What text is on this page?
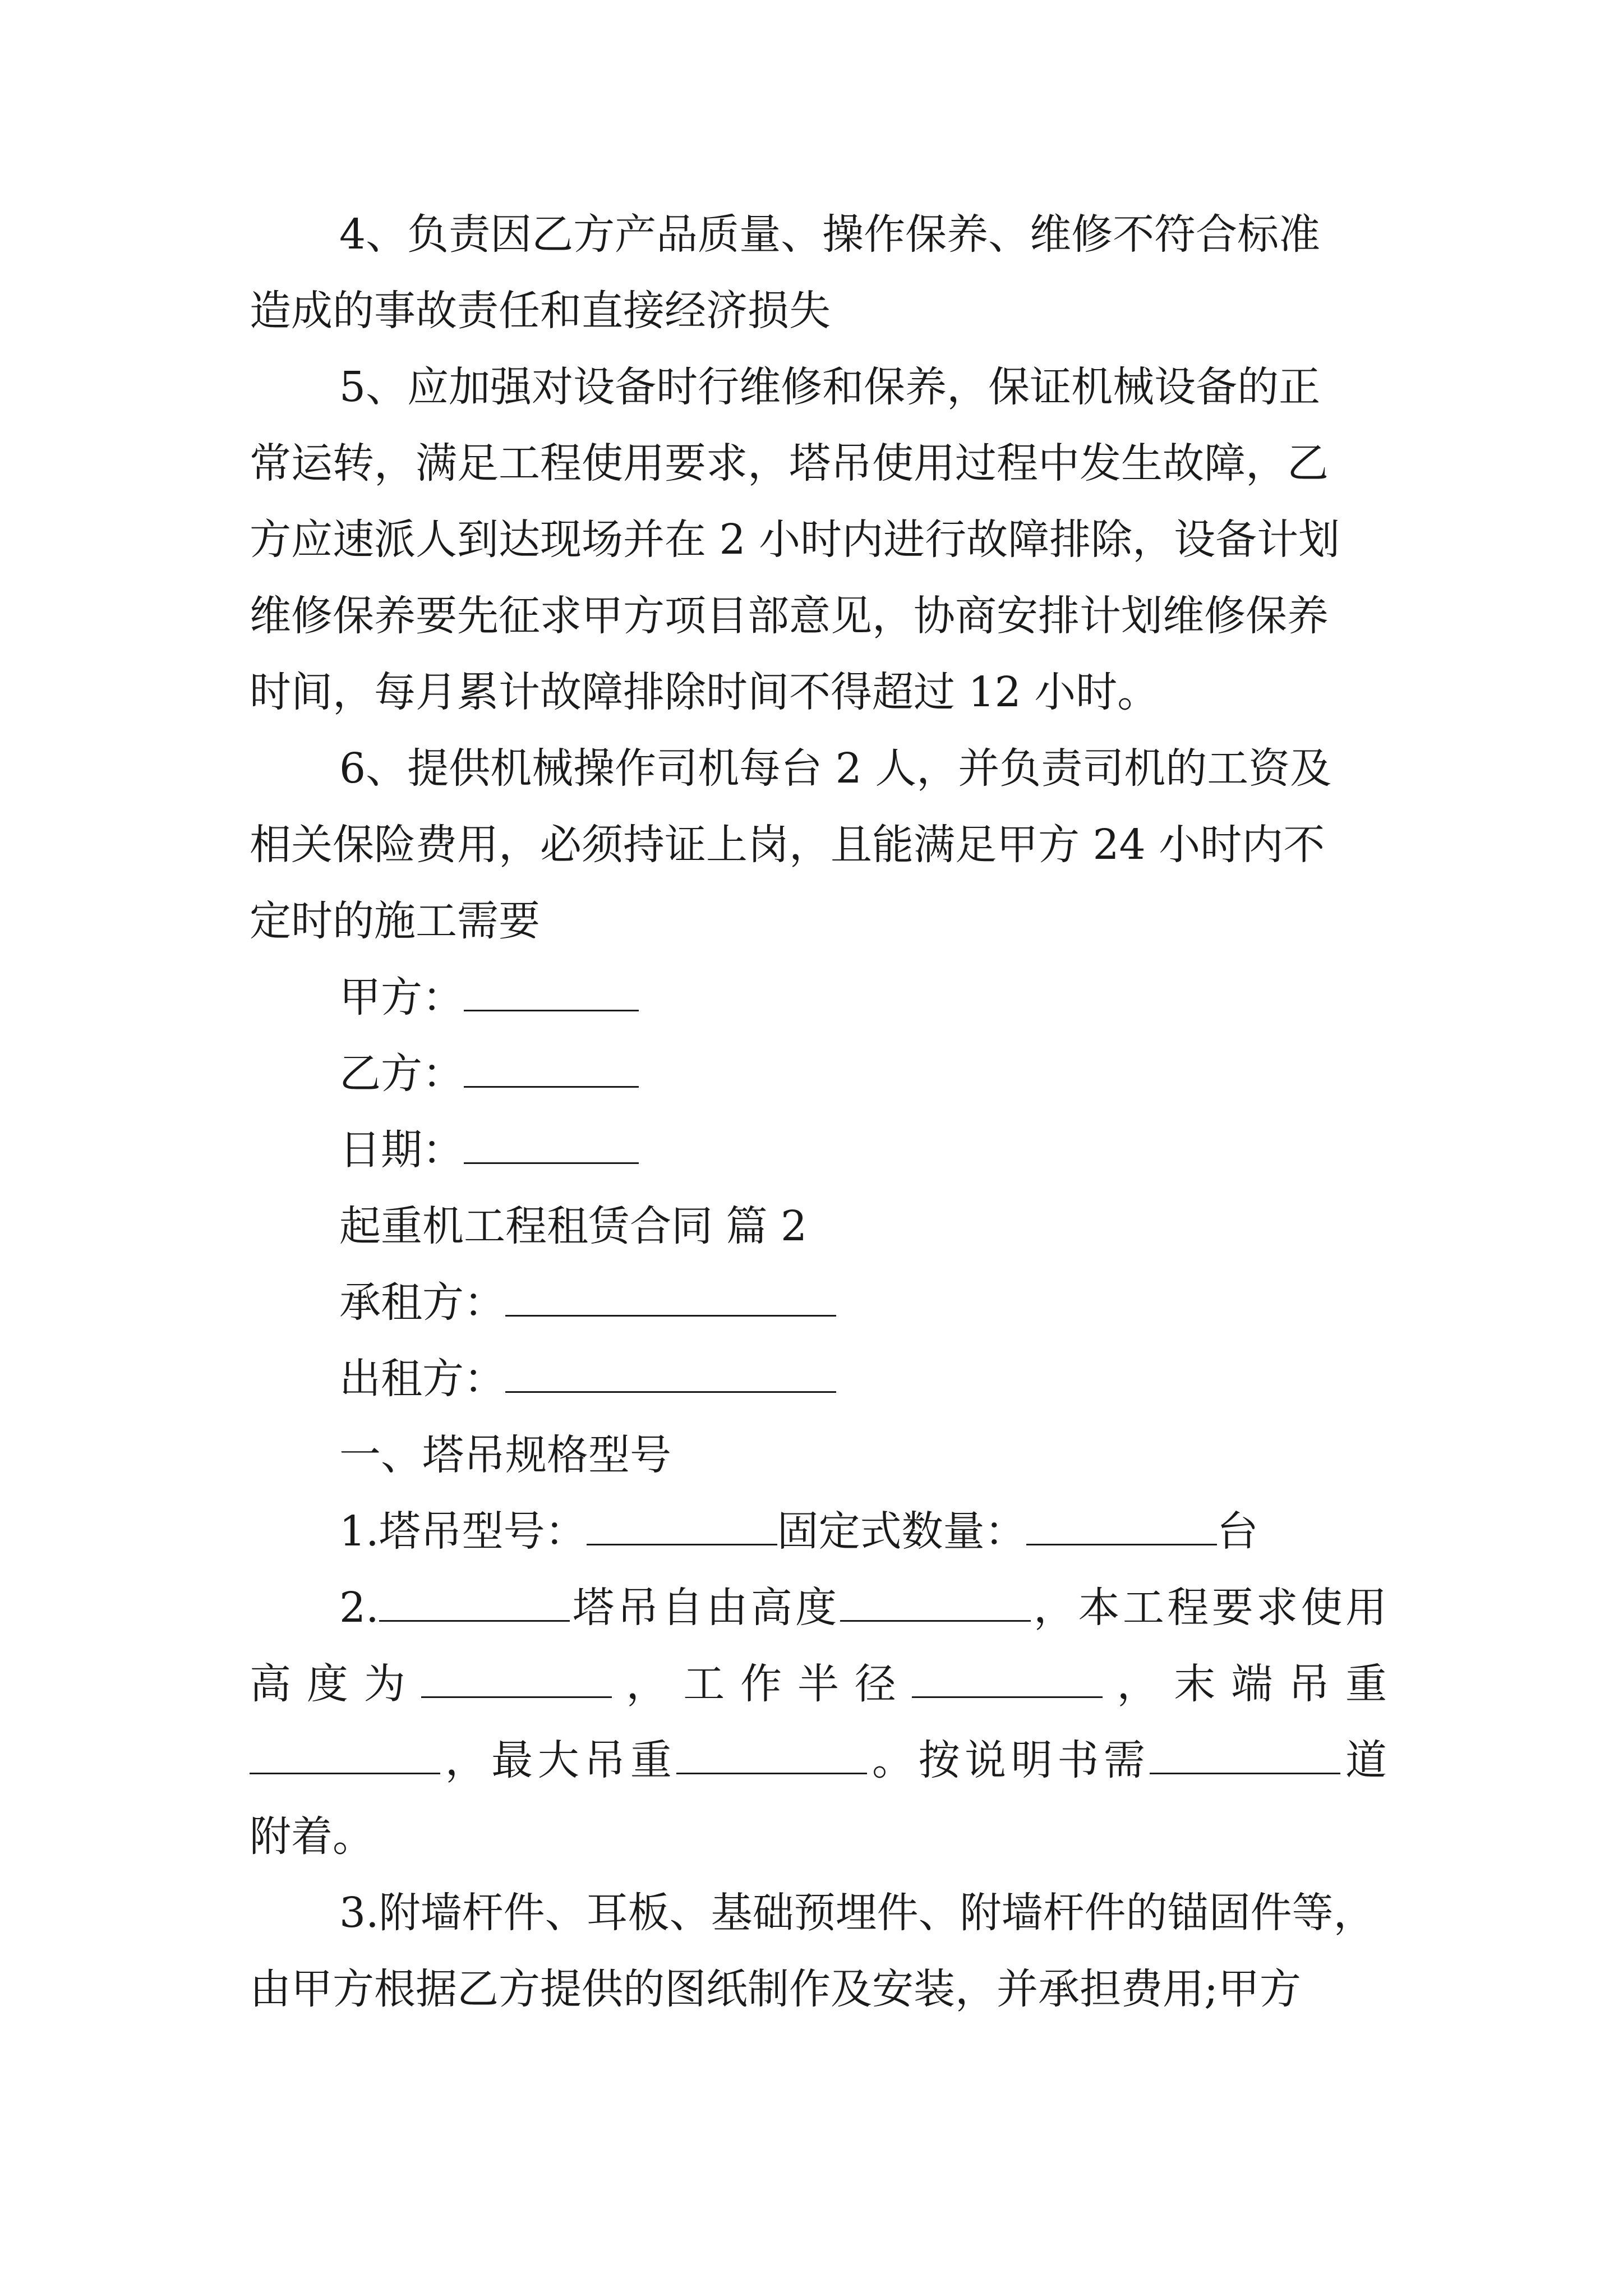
4、负责因乙方产品质量、操作保养、维修不符合标准
造成的事故责任和直接经济损失
5、应加强对设备时行维修和保养，保证机械设备的正
常运转，满足工程使用要求，塔吊使用过程中发生故障，乙
方应速派人到达现场并在 2 小时内进行故障排除，设备计划
维修保养要先征求甲方项目部意见，协商安排计划维修保养
时间，每月累计故障排除时间不得超过 12 小时。
6、提供机械操作司机每台 2 人，并负责司机的工资及
相关保险费用，必须持证上岗，且能满足甲方 24 小时内不
定时的施工需要
甲方：
乙方：
日期：
起重机工程租赁合同 篇 2
承租方：
出租方：
一、塔吊规格型号
1.塔吊型号：	固定式数量：	台
2.	塔吊自由高度	，本工程要求使用
高 度 为	， 工 作 半 径	， 末 端 吊 重
，最大吊重	。按说明书需	道
附着。
3.附墙杆件、耳板、基础预埋件、附墙杆件的锚固件等，
由甲方根据乙方提供的图纸制作及安装，并承担费用;甲方
